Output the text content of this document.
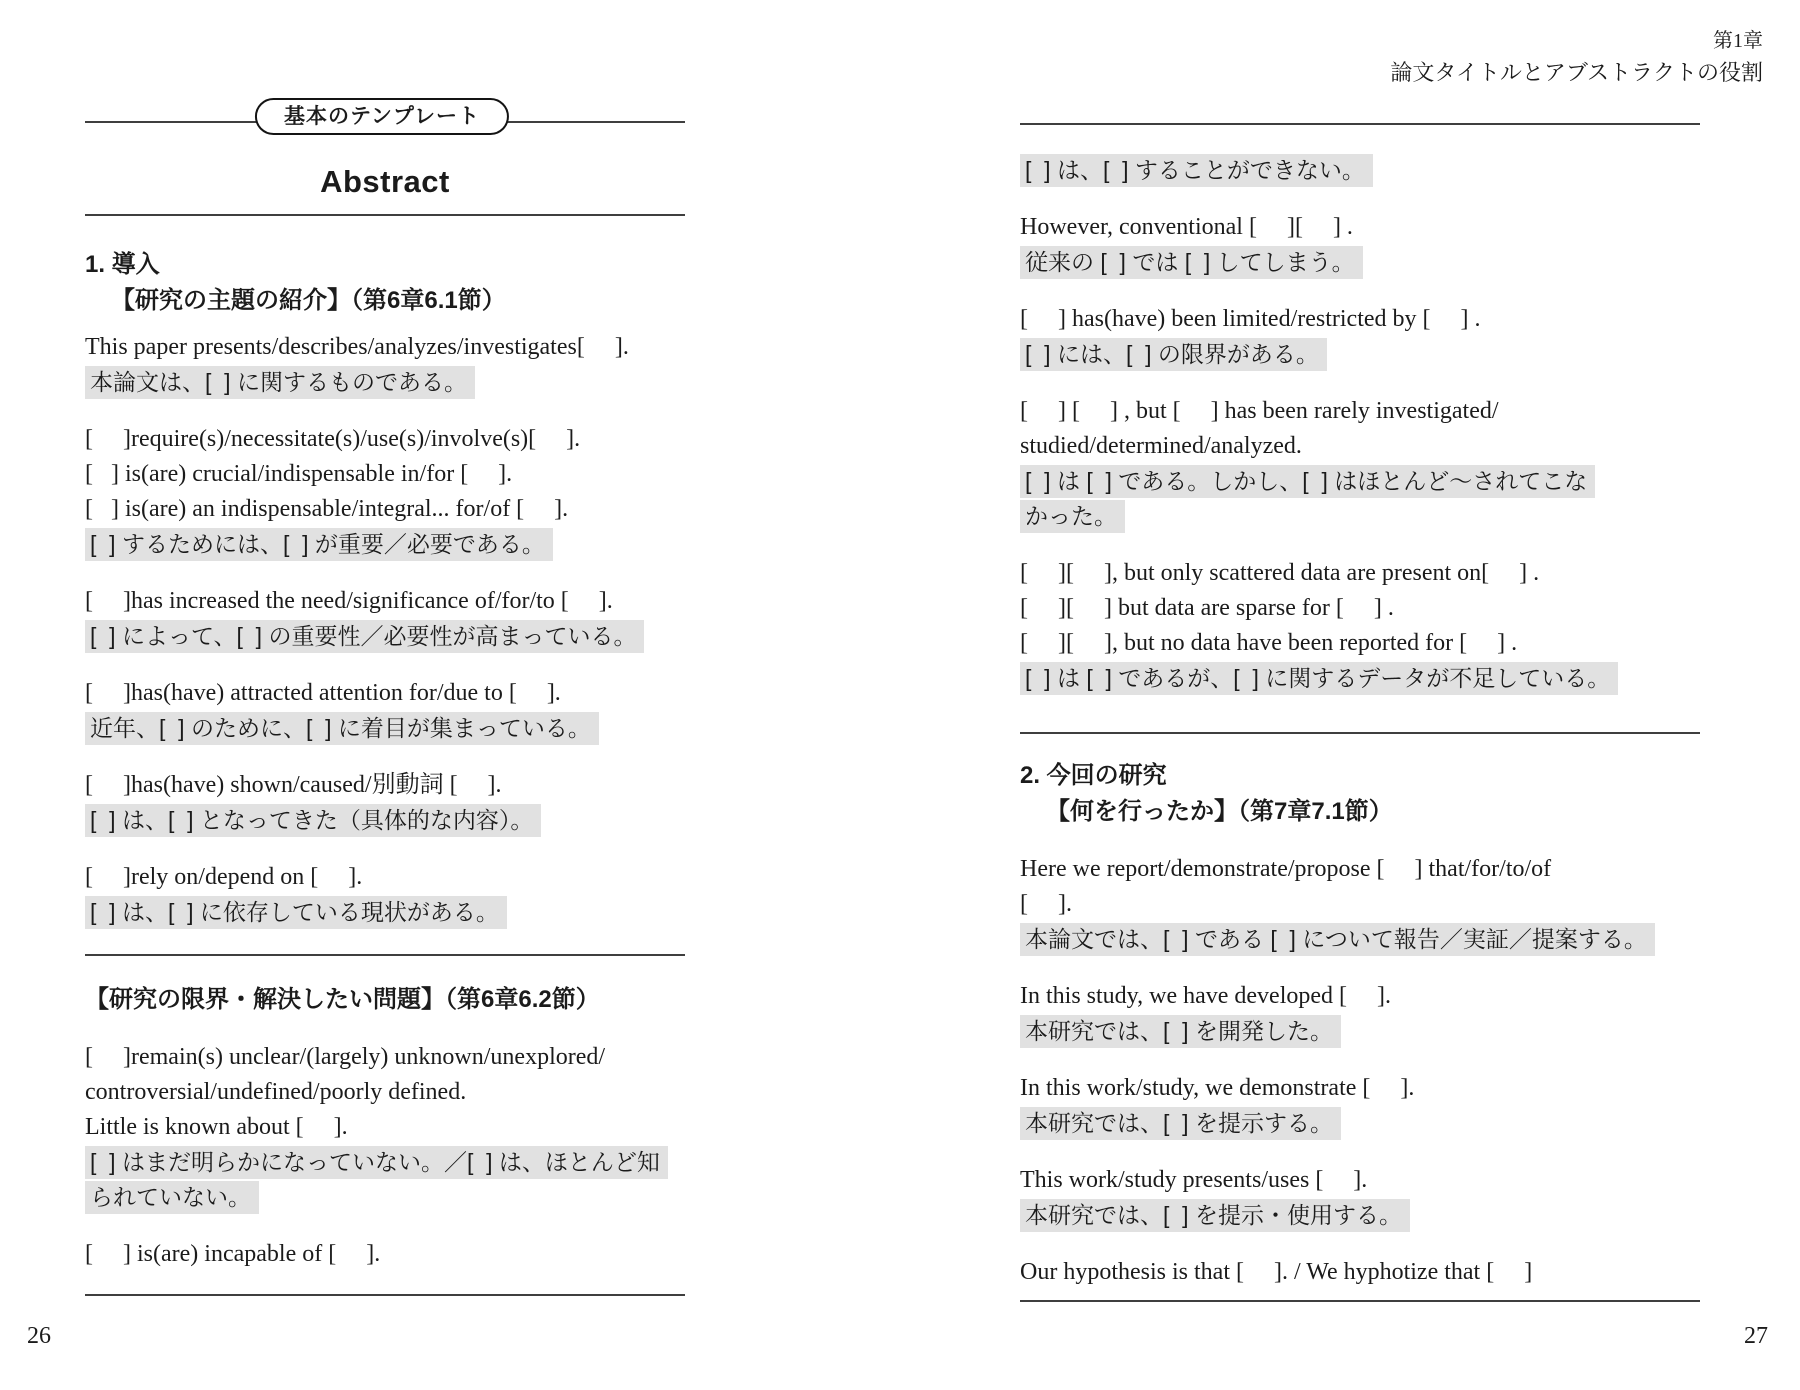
基本のテンプレート
Abstract
1. 導入
【研究の主題の紹介】（第6章6.1節）
This paper presents/describes/analyzes/investigates[     ].
本論文は、[  ] に関するものである。
[     ]require(s)/necessitate(s)/use(s)/involve(s)[     ].
[   ] is(are) crucial/indispensable in/for [     ].
[   ] is(are) an indispensable/integral... for/of [     ].
[  ] するためには、[  ] が重要／必要である。
[     ]has increased the need/significance of/for/to [     ].
[  ] によって、[  ] の重要性／必要性が高まっている。
[     ]has(have) attracted attention for/due to [     ].
近年、[  ] のために、[  ] に着目が集まっている。
[     ]has(have) shown/caused/別動詞 [     ].
[  ] は、[  ] となってきた（具体的な内容）。
[     ]rely on/depend on [     ].
[  ] は、[  ] に依存している現状がある。
【研究の限界・解決したい問題】（第6章6.2節）
[     ]remain(s) unclear/(largely) unknown/unexplored/
controversial/undefined/poorly defined.
Little is known about [     ].
[  ] はまだ明らかになっていない。／[  ] は、ほとんど知
られていない。
[     ] is(are) incapable of [     ].
26
第1章
論文タイトルとアブストラクトの役割
[  ] は、[  ] することができない。
However, conventional [     ][     ] .
従来の [  ] では [  ] してしまう。
[     ] has(have) been limited/restricted by [     ] .
[  ] には、[  ] の限界がある。
[     ] [     ] , but [     ] has been rarely investigated/
studied/determined/analyzed.
[  ] は [  ] である。しかし、[  ] はほとんど～されてこな
かった。
[     ][     ], but only scattered data are present on[     ] .
[     ][     ] but data are sparse for [     ] .
[     ][     ], but no data have been reported for [     ] .
[  ] は [  ] であるが、[  ] に関するデータが不足している。
2. 今回の研究
【何を行ったか】（第7章7.1節）
Here we report/demonstrate/propose [     ] that/for/to/of
[     ].
本論文では、[  ] である [  ] について報告／実証／提案する。
In this study, we have developed [     ].
本研究では、[  ] を開発した。
In this work/study, we demonstrate [     ].
本研究では、[  ] を提示する。
This work/study presents/uses [     ].
本研究では、[  ] を提示・使用する。
Our hypothesis is that [     ]. / We hyphotize that [     ]
27
